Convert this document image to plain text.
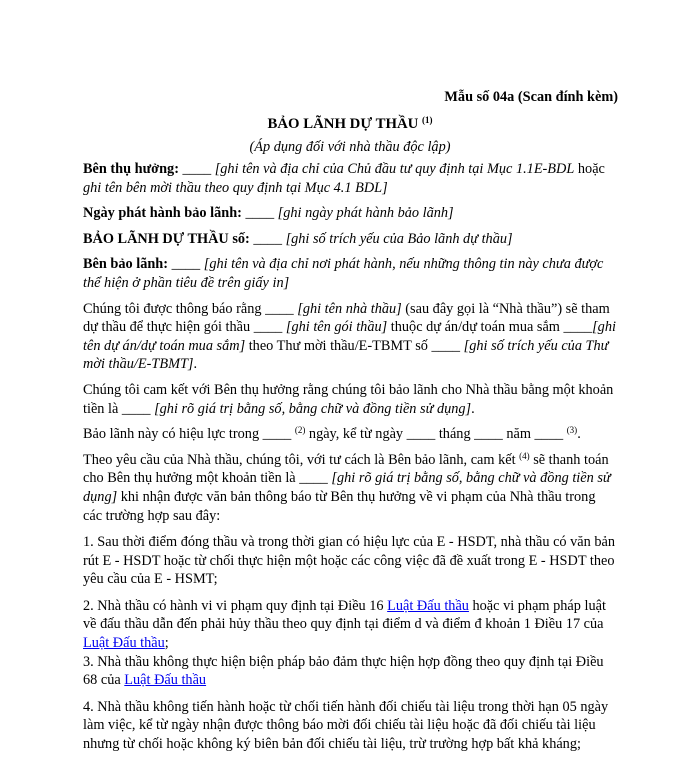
Mẫu số 04a (Scan đính kèm)
BẢO LÃNH DỰ THẦU $^{(1)}$
(Áp dụng đối với nhà thầu độc lập)

Bên thụ hưởng: ____ [ghi tên và địa chỉ của Chủ đầu tư quy định tại Mục 1.1E-BDL hoặc ghi tên bên mời thầu theo quy định tại Mục 4.1 BDL]

Ngày phát hành bảo lãnh: ____ [ghi ngày phát hành bảo lãnh]

BẢO LÃNH DỰ THẦU số: ____ [ghi số trích yếu của Bảo lãnh dự thầu]

Bên bảo lãnh: ____ [ghi tên và địa chỉ nơi phát hành, nếu những thông tin này chưa được thể hiện ở phần tiêu đề trên giấy in]

Chúng tôi được thông báo rằng ____ [ghi tên nhà thầu] (sau đây gọi là “Nhà thầu”) sẽ tham dự thầu để thực hiện gói thầu ____ [ghi tên gói thầu] thuộc dự án/dự toán mua sắm ____[ghi tên dự án/dự toán mua sắm] theo Thư mời thầu/E-TBMT số ____ [ghi số trích yếu của Thư mời thầu/E-TBMT].

Chúng tôi cam kết với Bên thụ hưởng rằng chúng tôi bảo lãnh cho Nhà thầu bằng một khoản tiền là ____ [ghi rõ giá trị bằng số, bằng chữ và đồng tiền sử dụng].

Bảo lãnh này có hiệu lực trong ____ $^{(2)}$ ngày, kể từ ngày ____ tháng ____ năm ____ $^{(3)}$.

Theo yêu cầu của Nhà thầu, chúng tôi, với tư cách là Bên bảo lãnh, cam kết $^{(4)}$ sẽ thanh toán cho Bên thụ hưởng một khoản tiền là ____ [ghi rõ giá trị bằng số, bằng chữ và đồng tiền sử dụng] khi nhận được văn bản thông báo từ Bên thụ hưởng về vi phạm của Nhà thầu trong các trường hợp sau đây:

1. Sau thời điểm đóng thầu và trong thời gian có hiệu lực của E - HSDT, nhà thầu có văn bản rút E - HSDT hoặc từ chối thực hiện một hoặc các công việc đã đề xuất trong E - HSDT theo yêu cầu của E - HSMT;

2. Nhà thầu có hành vi vi phạm quy định tại Điều 16 Luật Đấu thầu hoặc vi phạm pháp luật về đấu thầu dẫn đến phải hủy thầu theo quy định tại điểm d và điểm đ khoản 1 Điều 17 của Luật Đấu thầu;

3. Nhà thầu không thực hiện biện pháp bảo đảm thực hiện hợp đồng theo quy định tại Điều 68 của Luật Đấu thầu

4. Nhà thầu không tiến hành hoặc từ chối tiến hành đối chiếu tài liệu trong thời hạn 05 ngày làm việc, kể từ ngày nhận được thông báo mời đối chiếu tài liệu hoặc đã đối chiếu tài liệu nhưng từ chối hoặc không ký biên bản đối chiếu tài liệu, trừ trường hợp bất khả kháng;
